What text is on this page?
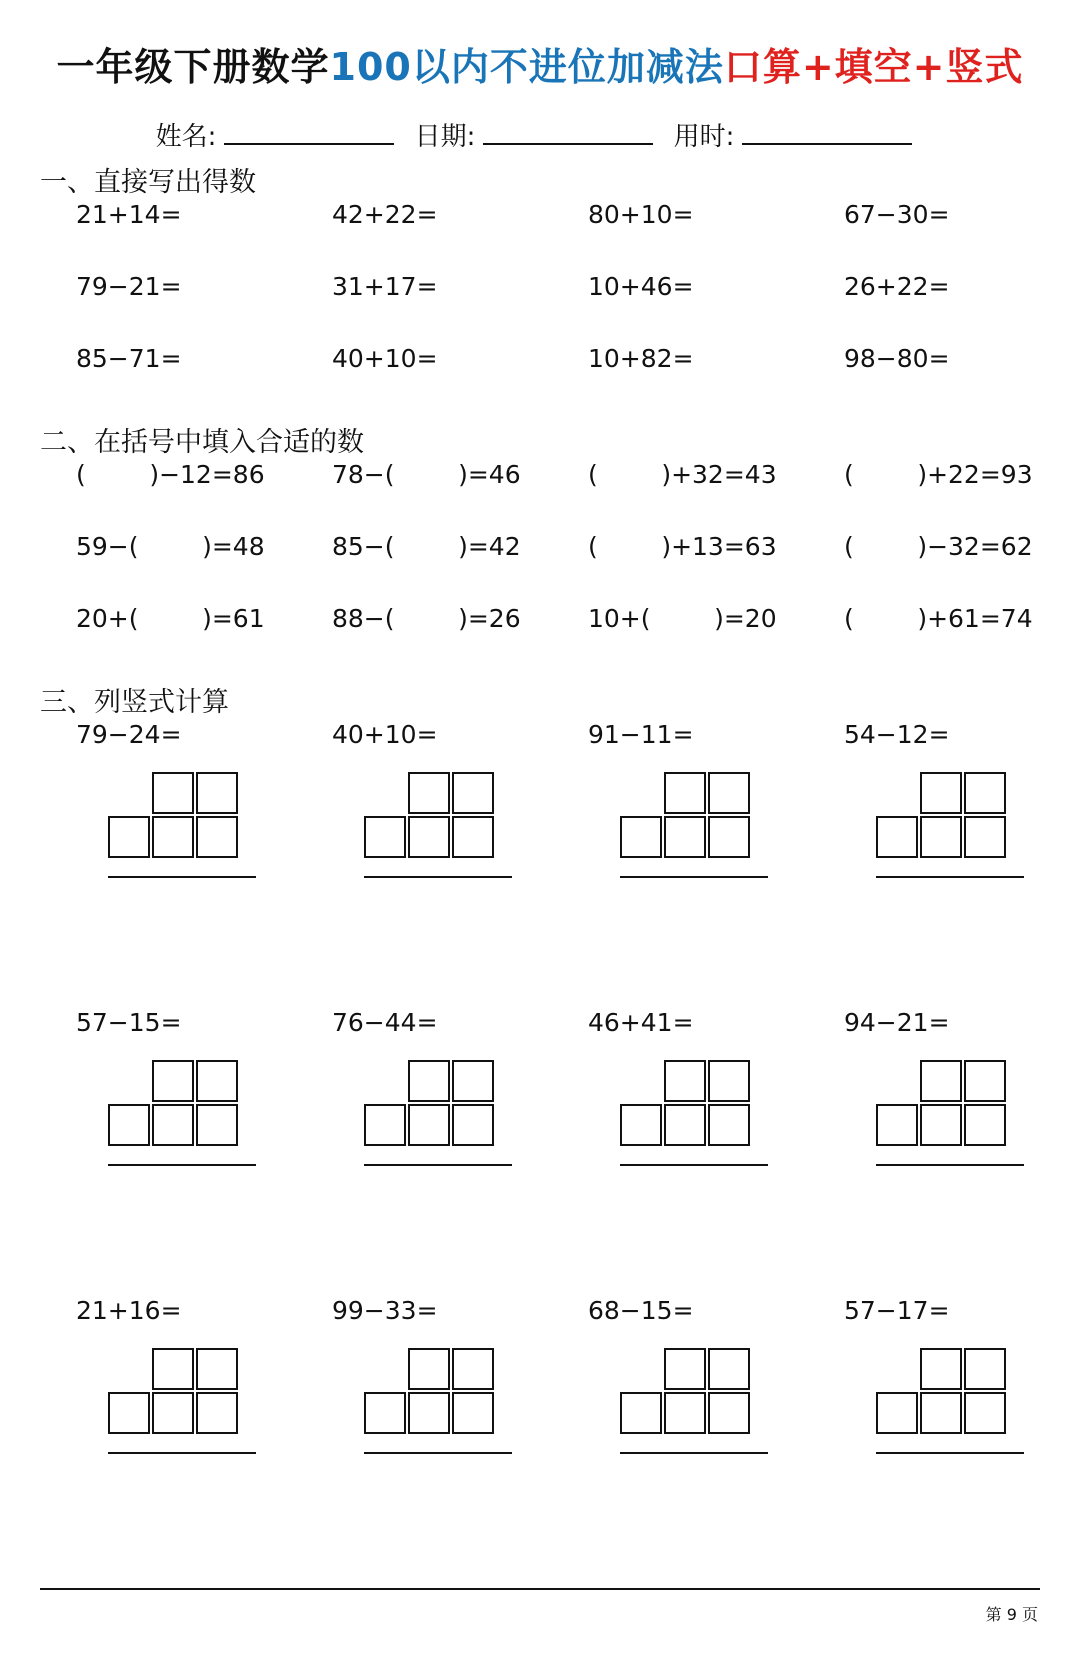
一年级下册数学100以内不进位加减法口算+填空+竖式
姓名:	日期:	用时:
一、直接写出得数
21+14=	42+22=	80+10=	67−30=
79−21=	31+17=	10+46=	26+22=
85−71=	40+10=	10+82=	98−80=
二、在括号中填入合适的数
(        )−12=86	78−(        )=46	(        )+32=43	(        )+22=93
59−(        )=48	85−(        )=42	(        )+13=63	(        )−32=62
20+(        )=61	88−(        )=26	10+(        )=20	(        )+61=74
三、列竖式计算
79−24=	40+10=	91−11=	54−12=
57−15=	76−44=	46+41=	94−21=
21+16=	99−33=	68−15=	57−17=
第 9 页
